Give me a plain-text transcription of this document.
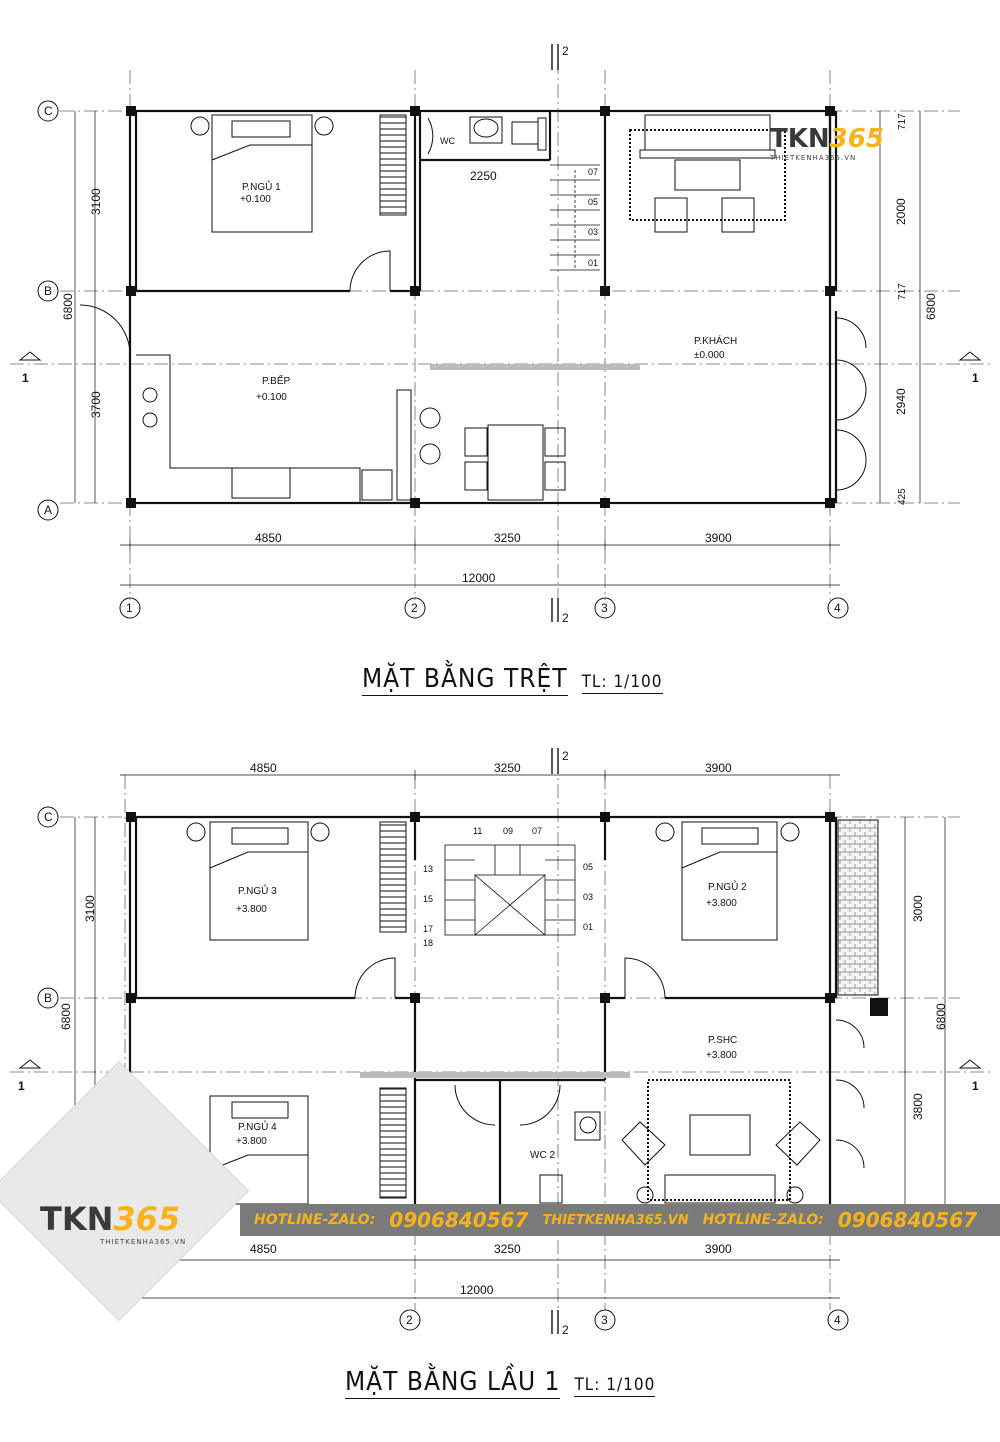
C
B
A
1	2	3	4
1	1
2
2
4850	3250	3900
12000
2250
3100
3700
6800
717
2000
717
2940
425
6800
P.NGỦ 1
+0.100
P.BẾP
+0.100
P.KHÁCH
±0.000
WC
07
05
03
01
C
B
2	3	4
1	1
2
2
4850	3250	3900
4850	3250	3900
12000
3100
6800
3000
3800
6800
P.NGỦ 3
+3.800
P.NGỦ 2
+3.800
P.SHC
+3.800
P.NGỦ 4
+3.800
WC 2
11 09 07
13
15
17
18
05
03
01
MẶT BẰNG TRỆT TL: 1/100
MẶT BẰNG LẦU 1 TL: 1/100
TKN365
THIETKENHA365.VN
TKN365
THIETKENHA365.VN
HOTLINE-ZALO: 0906840567 THIETKENHA365.VN HOTLINE-ZALO: 0906840567
